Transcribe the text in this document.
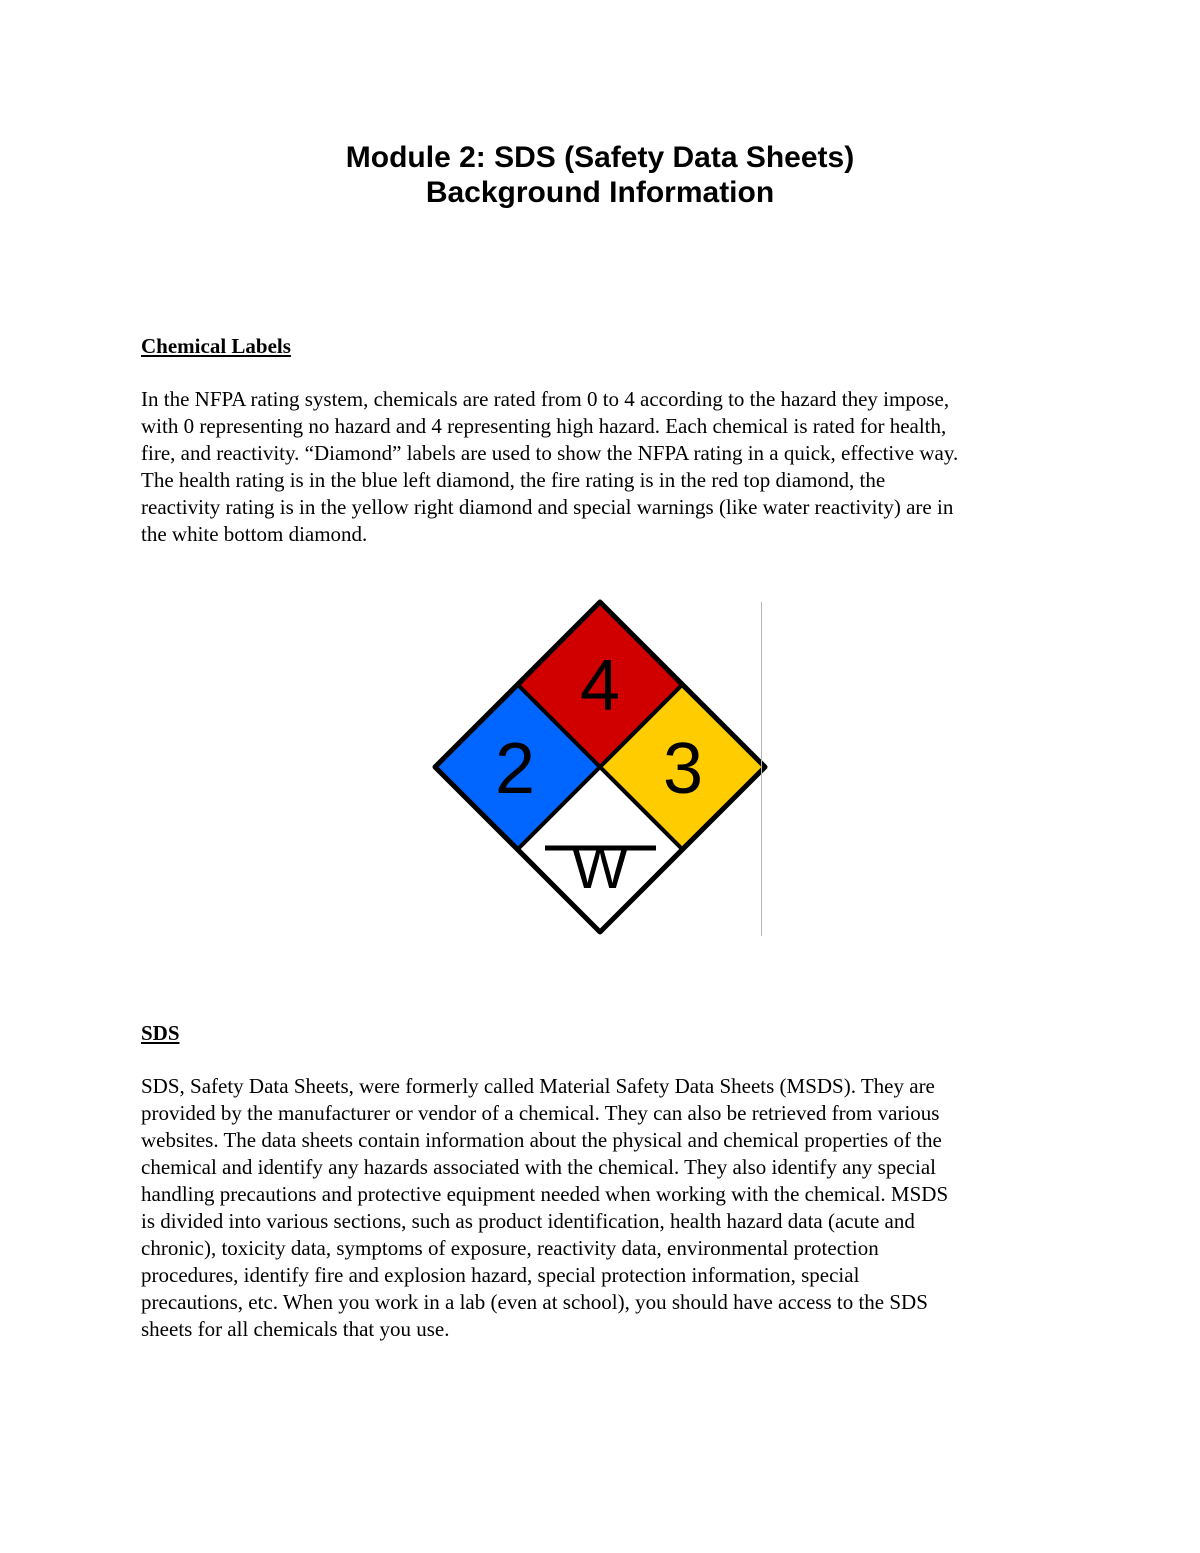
Module 2: SDS (Safety Data Sheets)
Background Information
Chemical Labels

In the NFPA rating system, chemicals are rated from 0 to 4 according to the hazard they impose,
with 0 representing no hazard and 4 representing high hazard. Each chemical is rated for health,
fire, and reactivity. “Diamond” labels are used to show the NFPA rating in a quick, effective way.
The health rating is in the blue left diamond, the fire rating is in the red top diamond, the
reactivity rating is in the yellow right diamond and special warnings (like water reactivity) are in
the white bottom diamond.

4
2 3
W
SDS

SDS, Safety Data Sheets, were formerly called Material Safety Data Sheets (MSDS). They are
provided by the manufacturer or vendor of a chemical. They can also be retrieved from various
websites. The data sheets contain information about the physical and chemical properties of the
chemical and identify any hazards associated with the chemical. They also identify any special
handling precautions and protective equipment needed when working with the chemical. MSDS
is divided into various sections, such as product identification, health hazard data (acute and
chronic), toxicity data, symptoms of exposure, reactivity data, environmental protection
procedures, identify fire and explosion hazard, special protection information, special
precautions, etc. When you work in a lab (even at school), you should have access to the SDS
sheets for all chemicals that you use.
